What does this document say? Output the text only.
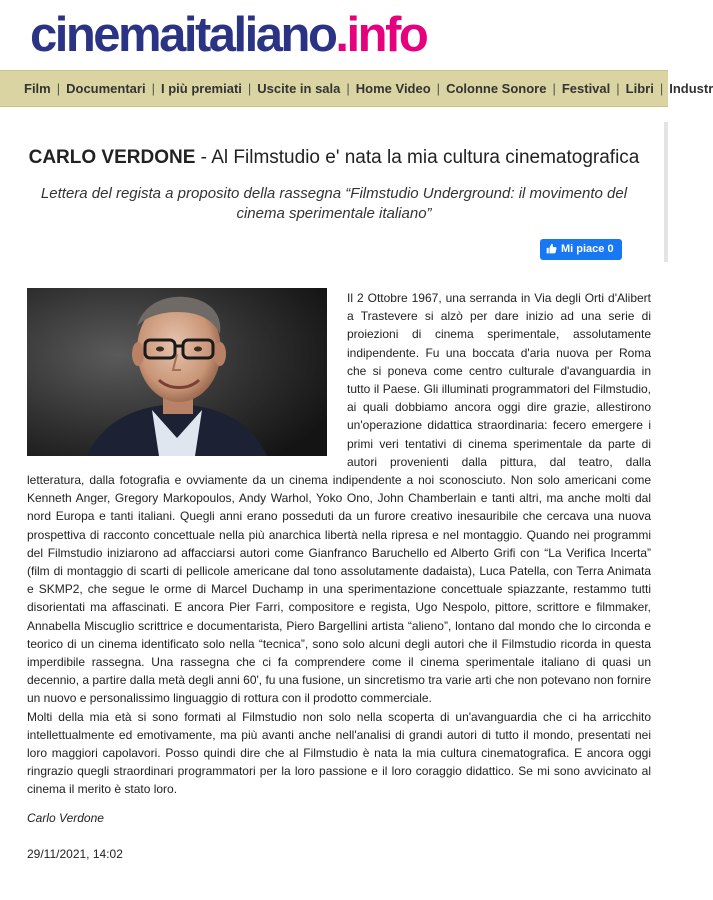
cinemaitaliano.info
Film | Documentari | I più premiati | Uscite in sala | Home Video | Colonne Sonore | Festival | Libri | Industr
CARLO VERDONE - Al Filmstudio e' nata la mia cultura cinematografica
Lettera del regista a proposito della rassegna “Filmstudio Underground: il movimento del cinema sperimentale italiano”
Mi piace 0

Il 2 Ottobre 1967, una serranda in Via degli Orti d'Alibert a Trastevere si alzò per dare inizio ad una serie di proiezioni di cinema sperimentale, assolutamente indipendente. Fu una boccata d'aria nuova per Roma che si poneva come centro culturale d'avanguardia in tutto il Paese. Gli illuminati programmatori del Filmstudio, ai quali dobbiamo ancora oggi dire grazie, allestirono un'operazione didattica straordinaria: fecero emergere i primi veri tentativi di cinema sperimentale da parte di autori provenienti dalla pittura, dal teatro, dalla letteratura, dalla fotografia e ovviamente da un cinema indipendente a noi sconosciuto. Non solo americani come Kenneth Anger, Gregory Markopoulos, Andy Warhol, Yoko Ono, John Chamberlain e tanti altri, ma anche molti dal nord Europa e tanti italiani. Quegli anni erano posseduti da un furore creativo inesauribile che cercava una nuova prospettiva di racconto concettuale nella più anarchica libertà nella ripresa e nel montaggio. Quando nei programmi del Filmstudio iniziarono ad affacciarsi autori come Gianfranco Baruchello ed Alberto Grifi con “La Verifica Incerta” (film di montaggio di scarti di pellicole americane dal tono assolutamente dadaista), Luca Patella, con Terra Animata e SKMP2, che segue le orme di Marcel Duchamp in una sperimentazione concettuale spiazzante, restammo tutti disorientati ma affascinati. E ancora Pier Farri, compositore e regista, Ugo Nespolo, pittore, scrittore e filmmaker, Annabella Miscuglio scrittrice e documentarista, Piero Bargellini artista “alieno”, lontano dal mondo che lo circonda e teorico di un cinema identificato solo nella “tecnica”, sono solo alcuni degli autori che il Filmstudio ricorda in questa imperdibile rassegna. Una rassegna che ci fa comprendere come il cinema sperimentale italiano di quasi un decennio, a partire dalla metà degli anni 60', fu una fusione, un sincretismo tra varie arti che non potevano non fornire un nuovo e personalissimo linguaggio di rottura con il prodotto commerciale.

Molti della mia età si sono formati al Filmstudio non solo nella scoperta di un'avanguardia che ci ha arricchito intellettualmente ed emotivamente, ma più avanti anche nell'analisi di grandi autori di tutto il mondo, presentati nei loro maggiori capolavori. Posso quindi dire che al Filmstudio è nata la mia cultura cinematografica. E ancora oggi ringrazio quegli straordinari programmatori per la loro passione e il loro coraggio didattico. Se mi sono avvicinato al cinema il merito è stato loro.

Carlo Verdone
29/11/2021, 14:02
